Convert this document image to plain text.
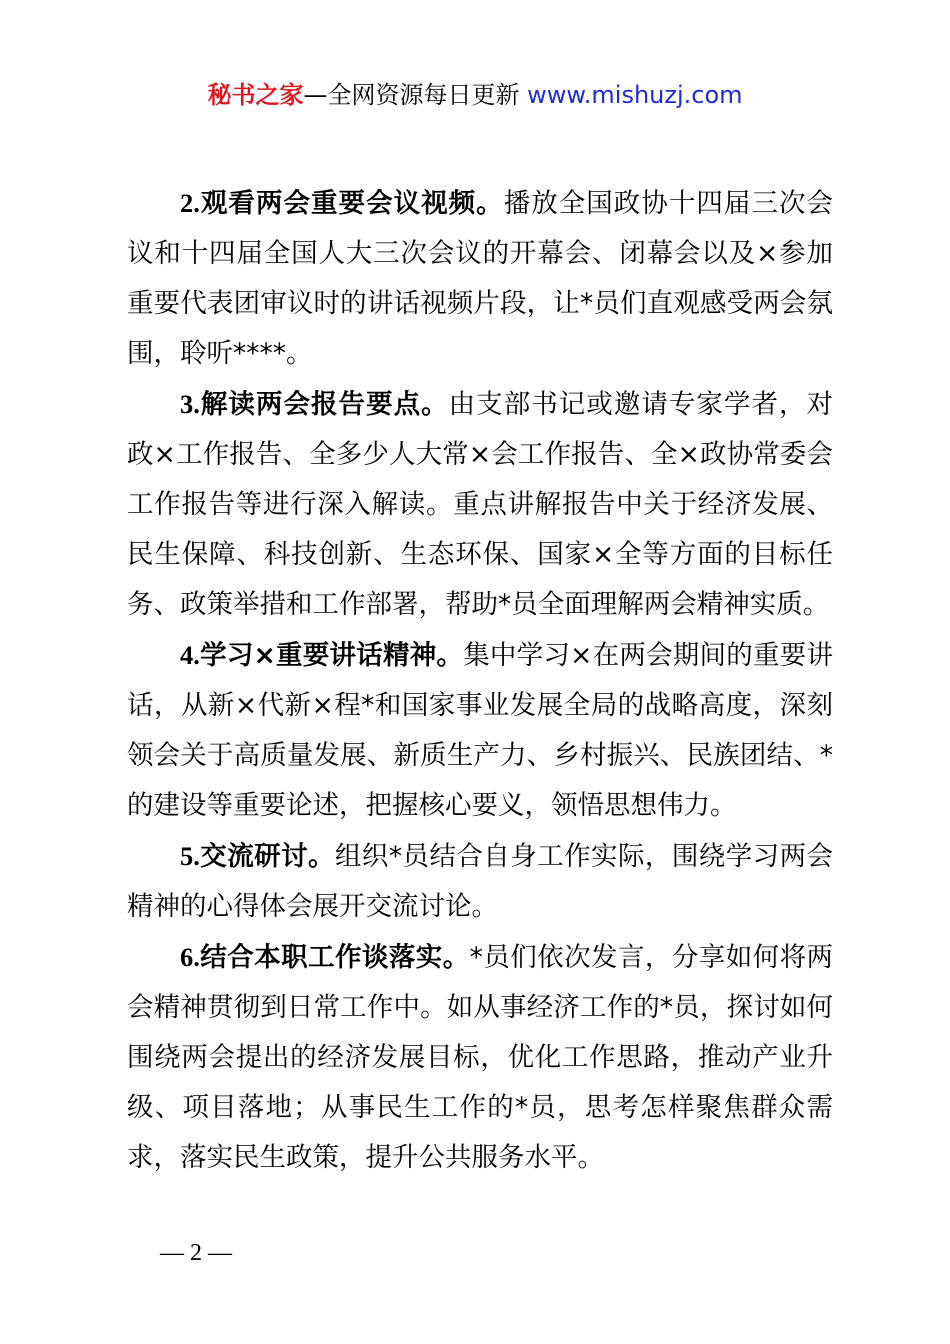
秘书之家—全网资源每日更新 www.mishuzj.com

2.观看两会重要会议视频。播放全国政协十四届三次会议和十四届全国人大三次会议的开幕会、闭幕会以及×参加重要代表团审议时的讲话视频片段，让*员们直观感受两会氛围，聆听****。

3.解读两会报告要点。由支部书记或邀请专家学者，对政×工作报告、全多少人大常×会工作报告、全×政协常委会工作报告等进行深入解读。重点讲解报告中关于经济发展、民生保障、科技创新、生态环保、国家×全等方面的目标任务、政策举措和工作部署，帮助*员全面理解两会精神实质。

4.学习×重要讲话精神。集中学习×在两会期间的重要讲话，从新×代新×程*和国家事业发展全局的战略高度，深刻领会关于高质量发展、新质生产力、乡村振兴、民族团结、*的建设等重要论述，把握核心要义，领悟思想伟力。

5.交流研讨。组织*员结合自身工作实际，围绕学习两会精神的心得体会展开交流讨论。

6.结合本职工作谈落实。*员们依次发言，分享如何将两会精神贯彻到日常工作中。如从事经济工作的*员，探讨如何围绕两会提出的经济发展目标，优化工作思路，推动产业升级、项目落地；从事民生工作的*员，思考怎样聚焦群众需求，落实民生政策，提升公共服务水平。

— 2 —
